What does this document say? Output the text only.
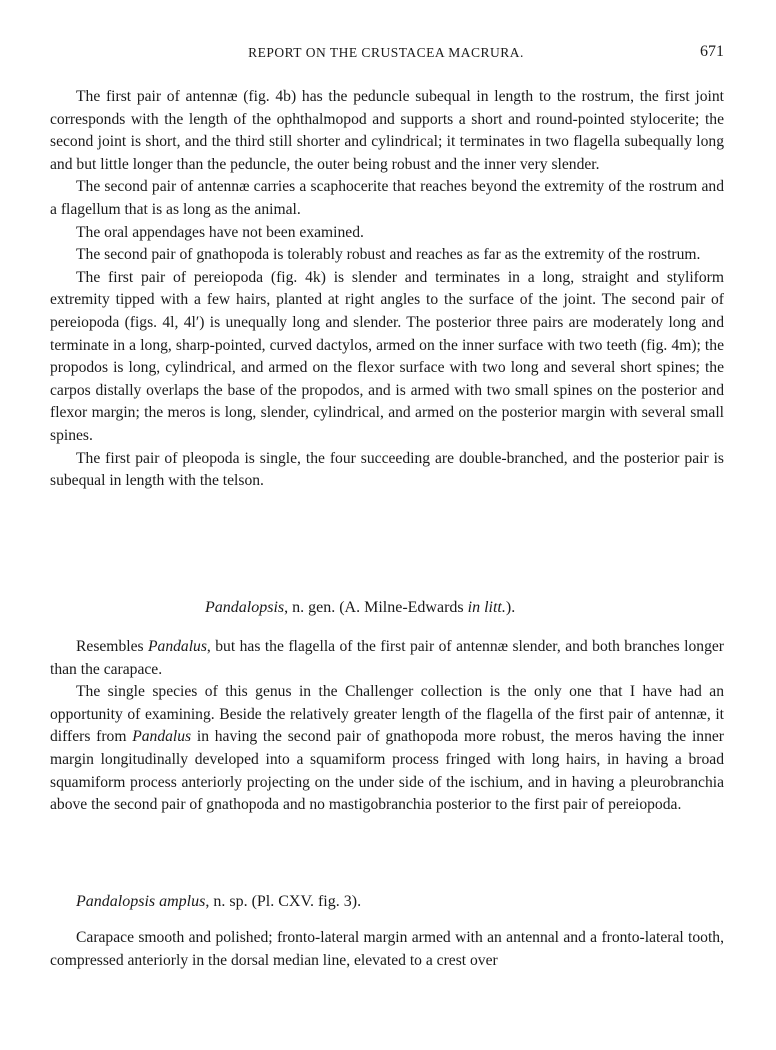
REPORT ON THE CRUSTACEA MACRURA.	671

The first pair of antennæ (fig. 4b) has the peduncle subequal in length to the rostrum, the first joint corresponds with the length of the ophthalmopod and supports a short and round-pointed stylocerite; the second joint is short, and the third still shorter and cylindrical; it terminates in two flagella subequally long and but little longer than the peduncle, the outer being robust and the inner very slender.

The second pair of antennæ carries a scaphocerite that reaches beyond the extremity of the rostrum and a flagellum that is as long as the animal.

The oral appendages have not been examined.

The second pair of gnathopoda is tolerably robust and reaches as far as the extremity of the rostrum.

The first pair of pereiopoda (fig. 4k) is slender and terminates in a long, straight and styliform extremity tipped with a few hairs, planted at right angles to the surface of the joint. The second pair of pereiopoda (figs. 4l, 4l′) is unequally long and slender. The posterior three pairs are moderately long and terminate in a long, sharp-pointed, curved dactylos, armed on the inner surface with two teeth (fig. 4m); the propodos is long, cylindrical, and armed on the flexor surface with two long and several short spines; the carpos distally overlaps the base of the propodos, and is armed with two small spines on the posterior and flexor margin; the meros is long, slender, cylindrical, and armed on the posterior margin with several small spines.

The first pair of pleopoda is single, the four succeeding are double-branched, and the posterior pair is subequal in length with the telson.

Pandalopsis, n. gen. (A. Milne-Edwards in litt.).

Resembles Pandalus, but has the flagella of the first pair of antennæ slender, and both branches longer than the carapace.

The single species of this genus in the Challenger collection is the only one that I have had an opportunity of examining. Beside the relatively greater length of the flagella of the first pair of antennæ, it differs from Pandalus in having the second pair of gnathopoda more robust, the meros having the inner margin longitudinally developed into a squamiform process fringed with long hairs, in having a broad squamiform process anteriorly projecting on the under side of the ischium, and in having a pleurobranchia above the second pair of gnathopoda and no mastigobranchia posterior to the first pair of pereiopoda.

Pandalopsis amplus, n. sp. (Pl. CXV. fig. 3).

Carapace smooth and polished; fronto-lateral margin armed with an antennal and a fronto-lateral tooth, compressed anteriorly in the dorsal median line, elevated to a crest over
